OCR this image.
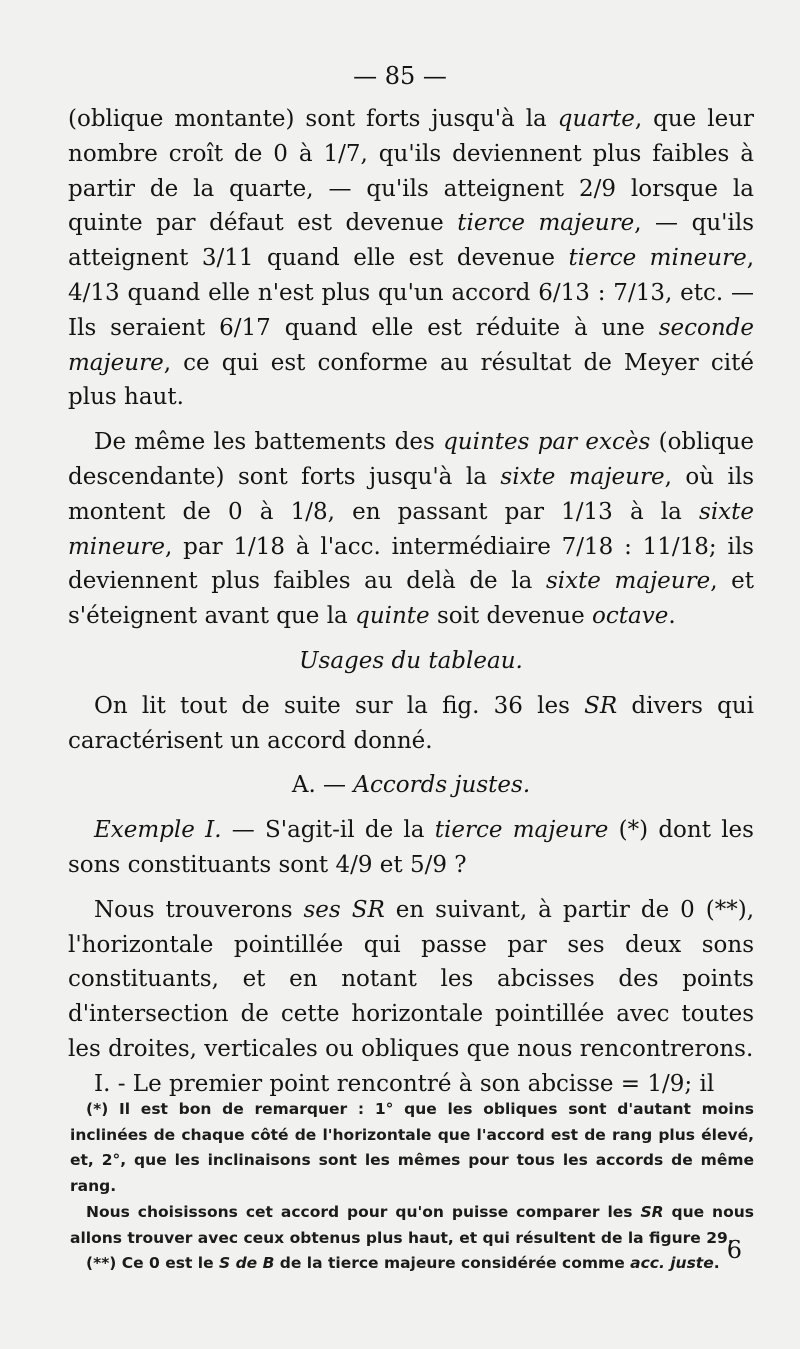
— 85 —

(oblique montante) sont forts jusqu'à la quarte, que leur nombre croît de 0 à 1/7, qu'ils deviennent plus faibles à partir de la quarte, — qu'ils atteignent 2/9 lorsque la quinte par défaut est devenue tierce majeure, — qu'ils atteignent 3/11 quand elle est devenue tierce mineure, 4/13 quand elle n'est plus qu'un accord 6/13 : 7/13, etc. — Ils seraient 6/17 quand elle est réduite à une seconde majeure, ce qui est conforme au résultat de Meyer cité plus haut.

De même les battements des quintes par excès (oblique descendante) sont forts jusqu'à la sixte majeure, où ils montent de 0 à 1/8, en passant par 1/13 à la sixte mineure, par 1/18 à l'acc. intermédiaire 7/18 : 11/18; ils deviennent plus faibles au delà de la sixte majeure, et s'éteignent avant que la quinte soit devenue octave.

Usages du tableau.

On lit tout de suite sur la fig. 36 les SR divers qui caractérisent un accord donné.

A. — Accords justes.

Exemple I. — S'agit-il de la tierce majeure (*) dont les sons constituants sont 4/9 et 5/9 ?

Nous trouverons ses SR en suivant, à partir de 0 (**), l'horizontale pointillée qui passe par ses deux sons constituants, et en notant les abcisses des points d'intersection de cette horizontale pointillée avec toutes les droites, verticales ou obliques que nous rencontrerons.

I. - Le premier point rencontré à son abcisse = 1/9; il

(*) Il est bon de remarquer : 1° que les obliques sont d'autant moins inclinées de chaque côté de l'horizontale que l'accord est de rang plus élevé, et, 2°, que les inclinaisons sont les mêmes pour tous les accords de même rang.

Nous choisissons cet accord pour qu'on puisse comparer les SR que nous allons trouver avec ceux obtenus plus haut, et qui résultent de la figure 29.

(**) Ce 0 est le S de B de la tierce majeure considérée comme acc. juste. 6
